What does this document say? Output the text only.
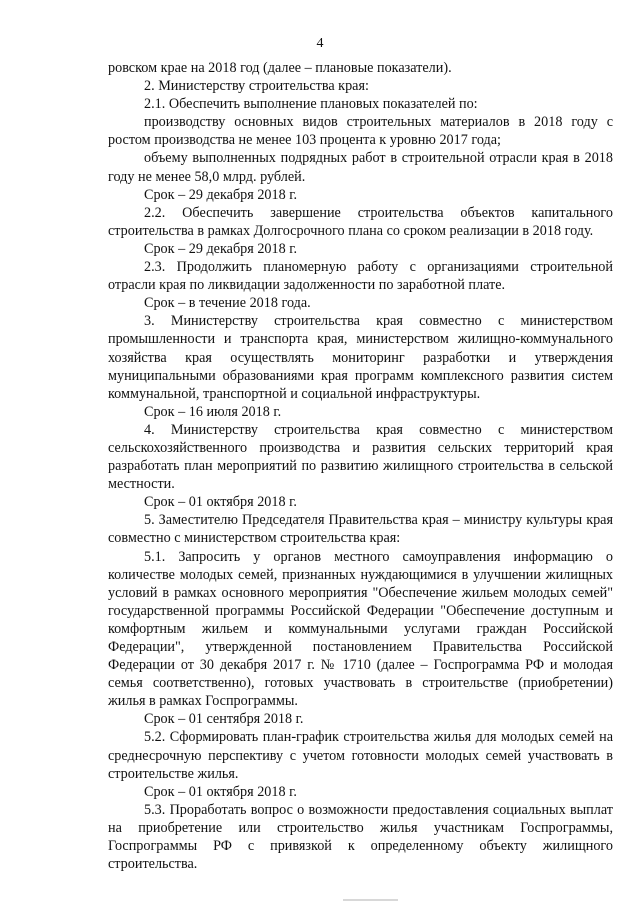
4

ровском крае на 2018 год (далее – плановые показатели).

2. Министерству строительства края:

2.1. Обеспечить выполнение плановых показателей по:

производству основных видов строительных материалов в 2018 году с ростом производства не менее 103 процента к уровню 2017 года;

объему выполненных подрядных работ в строительной отрасли края в 2018 году не менее 58,0 млрд. рублей.

Срок – 29 декабря 2018 г.

2.2. Обеспечить завершение строительства объектов капитального строительства в рамках Долгосрочного плана со сроком реализации в 2018 году.

Срок – 29 декабря 2018 г.

2.3. Продолжить планомерную работу с организациями строительной отрасли края по ликвидации задолженности по заработной плате.

Срок – в течение 2018 года.

3. Министерству строительства края совместно с министерством промышленности и транспорта края, министерством жилищно-коммунального хозяйства края осуществлять мониторинг разработки и утверждения муниципальными образованиями края программ комплексного развития систем коммунальной, транспортной и социальной инфраструктуры.

Срок – 16 июля 2018 г.

4. Министерству строительства края совместно с министерством сельскохозяйственного производства и развития сельских территорий края разработать план мероприятий по развитию жилищного строительства в сельской местности.

Срок – 01 октября 2018 г.

5. Заместителю Председателя Правительства края – министру культуры края совместно с министерством строительства края:

5.1. Запросить у органов местного самоуправления информацию о количестве молодых семей, признанных нуждающимися в улучшении жилищных условий в рамках основного мероприятия "Обеспечение жильем молодых семей" государственной программы Российской Федерации "Обеспечение доступным и комфортным жильем и коммунальными услугами граждан Российской Федерации", утвержденной постановлением Правительства Российской Федерации от 30 декабря 2017 г. № 1710 (далее – Госпрограмма РФ и молодая семья соответственно), готовых участвовать в строительстве (приобретении) жилья в рамках Госпрограммы.

Срок – 01 сентября 2018 г.

5.2. Сформировать план-график строительства жилья для молодых семей на среднесрочную перспективу с учетом готовности молодых семей участвовать в строительстве жилья.

Срок – 01 октября 2018 г.

5.3. Проработать вопрос о возможности предоставления социальных выплат на приобретение или строительство жилья участникам Госпрограммы, Госпрограммы РФ с привязкой к определенному объекту жилищного строительства.
